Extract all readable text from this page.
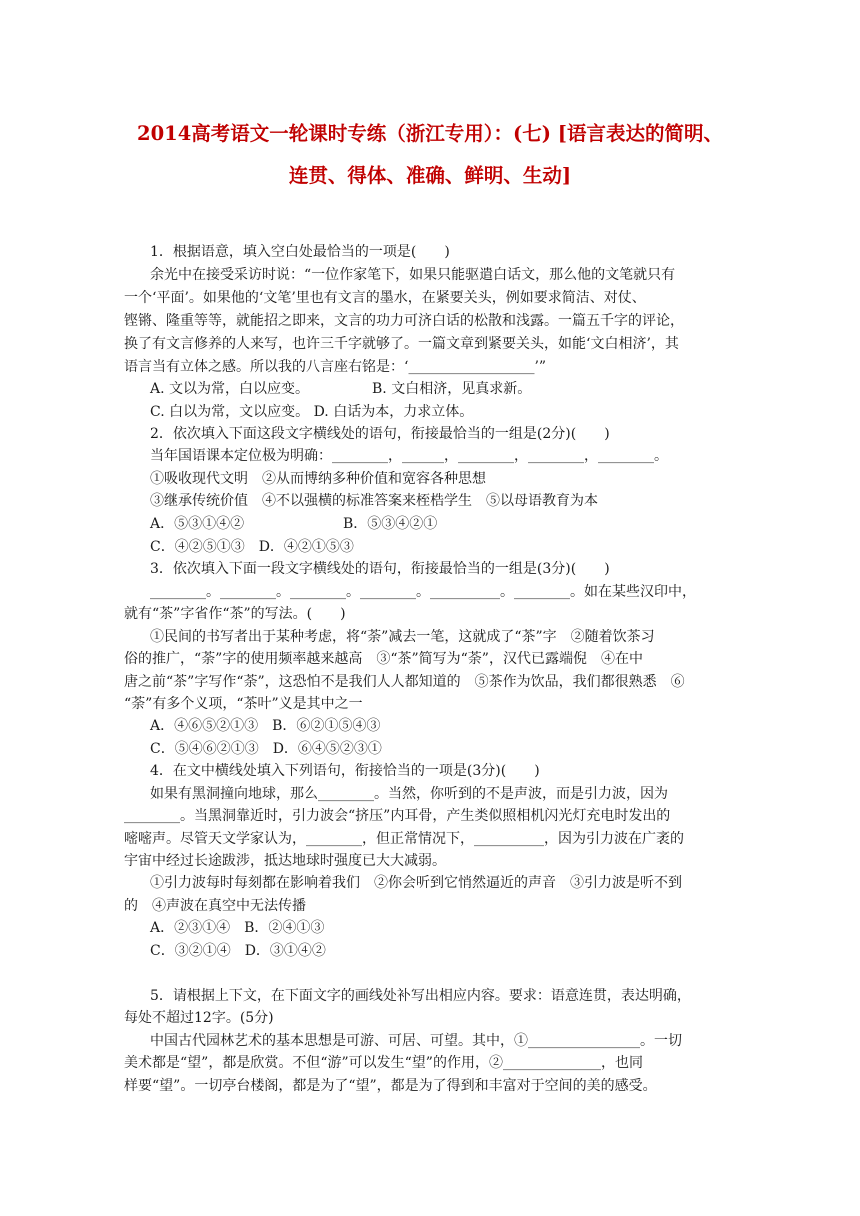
2014高考语文一轮课时专练（浙江专用）：(七) [语言表达的简明、
连贯、得体、准确、鲜明、生动]
1．根据语意，填入空白处最恰当的一项是(　　)
余光中在接受采访时说：“一位作家笔下，如果只能驱遣白话文，那么他的文笔就只有
一个‘平面’。如果他的‘文笔’里也有文言的墨水，在紧要关头，例如要求简洁、对仗、
铿锵、隆重等等，就能招之即来，文言的功力可济白话的松散和浅露。一篇五千字的评论，
换了有文言修养的人来写，也许三千字就够了。一篇文章到紧要关头，如能‘文白相济’，其
语言当有立体之感。所以我的八言座右铭是：‘__________________’”
A. 文以为常，白以应变。	B. 文白相济，见真求新。
C. 白以为常，文以应变。 D. 白话为本，力求立体。
2．依次填入下面这段文字横线处的语句，衔接最恰当的一组是(2分)(　　)
当年国语课本定位极为明确：________，______，________，________，________。
①吸收现代文明　②从而博纳多种价值和宽容各种思想
③继承传统价值　④不以强横的标准答案来桎梏学生　⑤以母语教育为本
A．⑤③①④②	B．⑤③④②①
C．④②⑤①③　D．④②①⑤③
3．依次填入下面一段文字横线处的语句，衔接最恰当的一组是(3分)(　　)
________。________。________。________。__________。________。如在某些汉印中，
就有“茶”字省作“茶”的写法。(　　)
①民间的书写者出于某种考虑，将“荼”减去一笔，这就成了“茶”字　②随着饮茶习
俗的推广，“荼”字的使用频率越来越高　③“茶”简写为“荼”，汉代已露端倪　④在中
唐之前“茶”字写作“荼”，这恐怕不是我们人人都知道的　⑤茶作为饮品，我们都很熟悉　⑥
“荼”有多个义项，“茶叶”义是其中之一
A．④⑥⑤②①③　B．⑥②①⑤④③
C．⑤④⑥②①③　D．⑥④⑤②③①
4．在文中横线处填入下列语句，衔接恰当的一项是(3分)(　　)
如果有黑洞撞向地球，那么________。当然，你听到的不是声波，而是引力波，因为
________。当黑洞靠近时，引力波会“挤压”内耳骨，产生类似照相机闪光灯充电时发出的
嘧嘧声。尽管天文学家认为，________，但正常情况下，__________，因为引力波在广袤的
宇宙中经过长途跋涉，抵达地球时强度已大大减弱。
①引力波每时每刻都在影响着我们　②你会听到它悄然逼近的声音　③引力波是听不到
的　④声波在真空中无法传播
A．②③①④　B．②④①③
C．③②①④　D．③①④②
5．请根据上下文，在下面文字的画线处补写出相应内容。要求：语意连贯，表达明确，
每处不超过12字。(5分)
中国古代园林艺术的基本思想是可游、可居、可望。其中，①________________。一切
美术都是“望”，都是欣赏。不但“游”可以发生“望”的作用，②______________，也同
样要“望”。一切亭台楼阁，都是为了“望”，都是为了得到和丰富对于空间的美的感受。
